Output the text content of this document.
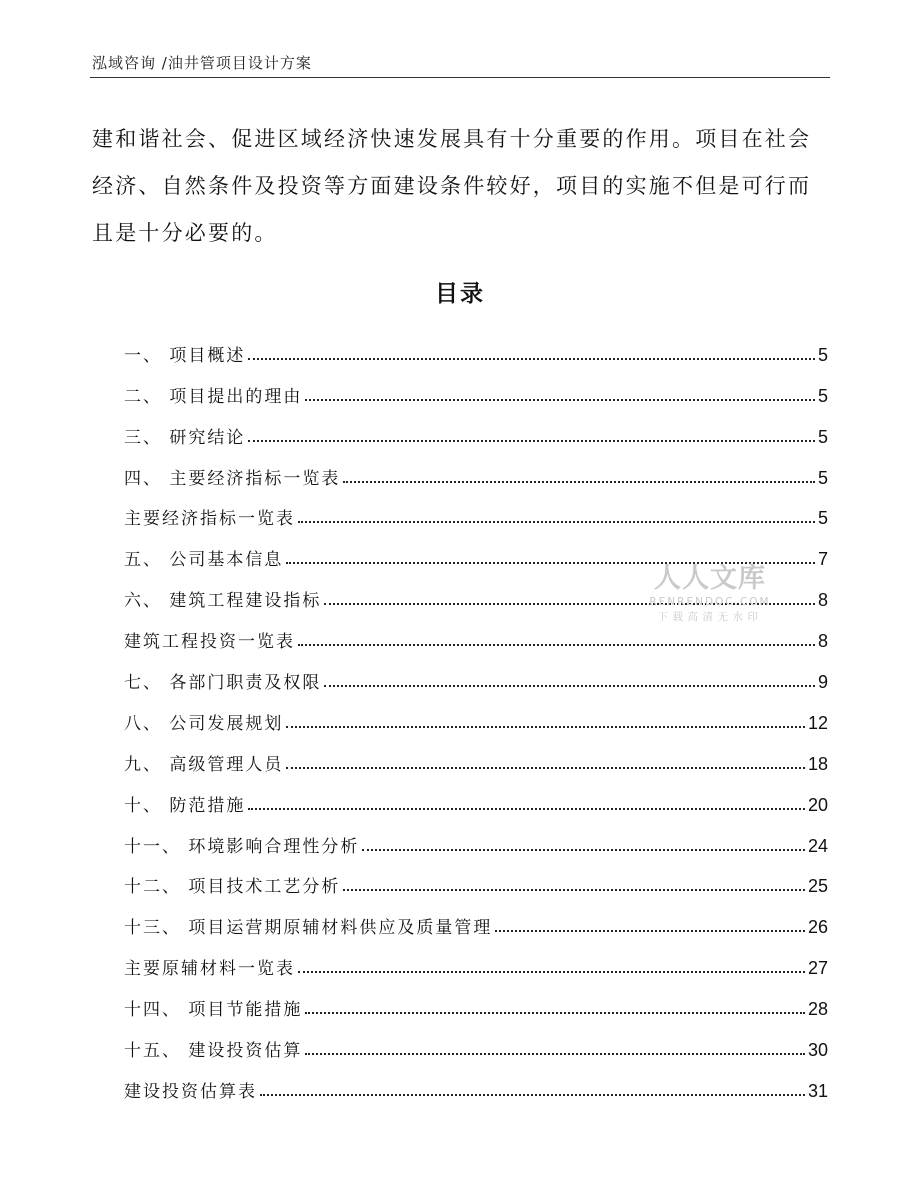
泓域咨询 /油井管项目设计方案

建和谐社会、促进区域经济快速发展具有十分重要的作用。项目在社会经济、自然条件及投资等方面建设条件较好，项目的实施不但是可行而且是十分必要的。

目录
一、 项目概述	5
二、 项目提出的理由	5
三、 研究结论	5
四、 主要经济指标一览表	5
主要经济指标一览表	5
五、 公司基本信息	7
六、 建筑工程建设指标	8
建筑工程投资一览表	8
七、 各部门职责及权限	9
八、 公司发展规划	12
九、 高级管理人员	18
十、 防范措施	20
十一、 环境影响合理性分析	24
十二、 项目技术工艺分析	25
十三、 项目运营期原辅材料供应及质量管理	26
主要原辅材料一览表	27
十四、 项目节能措施	28
十五、 建设投资估算	30
建设投资估算表	31
人人文库
RENRENDOC.COM
下载高清无水印
